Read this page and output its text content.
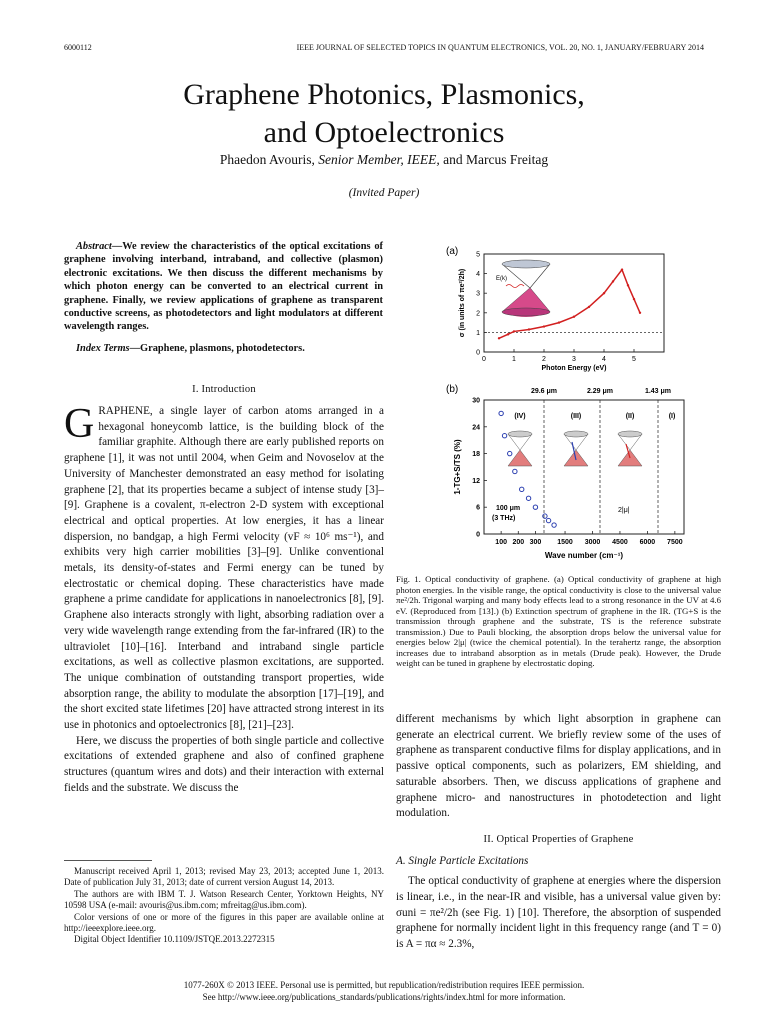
6000112	IEEE JOURNAL OF SELECTED TOPICS IN QUANTUM ELECTRONICS, VOL. 20, NO. 1, JANUARY/FEBRUARY 2014
Graphene Photonics, Plasmonics,
and Optoelectronics
Phaedon Avouris, Senior Member, IEEE, and Marcus Freitag
(Invited Paper)

Abstract—We review the characteristics of the optical excitations of graphene involving interband, intraband, and collective (plasmon) electronic excitations. We then discuss the different mechanisms by which photon energy can be converted to an electrical current in graphene. Finally, we review applications of graphene as transparent conductive screens, as photodetectors and light modulators at different wavelength ranges.

Index Terms—Graphene, plasmons, photodetectors.

I. Introduction

GRAPHENE, a single layer of carbon atoms arranged in a hexagonal honeycomb lattice, is the building block of the familiar graphite. Although there are early published reports on graphene [1], it was not until 2004, when Geim and Novoselov at the University of Manchester demonstrated an easy method for isolating graphene [2], that its properties became a subject of intense study [3]–[9]. Graphene is a covalent, π-electron 2-D system with exceptional electrical and optical properties. At low energies, it has a linear dispersion, no bandgap, a high Fermi velocity (vF ≈ 10⁶ ms⁻¹), and exhibits very high carrier mobilities [3]–[9]. Unlike conventional metals, its density-of-states and Fermi energy can be tuned by electrostatic or chemical doping. These characteristics have made graphene a prime candidate for applications in nanoelectronics [8], [9]. Graphene also interacts strongly with light, absorbing radiation over a very wide wavelength range extending from the far-infrared (IR) to the ultraviolet [10]–[16]. Interband and intraband single particle excitations, as well as collective plasmon excitations, are supported. The unique combination of outstanding transport properties, wide absorption range, the ability to modulate the absorption [17]–[19], and the short excited state lifetimes [20] have attracted strong interest in its use in photonics and optoelectronics [8], [21]–[23].

Here, we discuss the properties of both single particle and collective excitations of extended graphene and also of confined graphene structures (quantum wires and dots) and their interaction with external fields and the substrate. We discuss the

Manuscript received April 1, 2013; revised May 23, 2013; accepted June 1, 2013. Date of publication July 31, 2013; date of current version August 14, 2013.

The authors are with IBM T. J. Watson Research Center, Yorktown Heights, NY 10598 USA (e-mail: avouris@us.ibm.com; mfreitag@us.ibm.com).

Color versions of one or more of the figures in this paper are available online at http://ieeexplore.ieee.org.

Digital Object Identifier 10.1109/JSTQE.2013.2272315

(a)
0
1
2
3
4
5
0	1	2	3	4	5
E(k)
Photon Energy (eV)
σ (in units of πe²/2h)
(b)	29.6 μm	2.29 μm	1.43 μm
(IV)	(III)	(II)	(I)
2|μ|
100 μm
(3 THz)
0
6
12
18
24
30
100 200 300 1500 3000 4500 6000 7500
Wave number (cm⁻¹)
1-TG+S/TS (%)
Fig. 1. Optical conductivity of graphene. (a) Optical conductivity of graphene at high photon energies. In the visible range, the optical conductivity is close to the universal value πe²/2h. Trigonal warping and many body effects lead to a strong resonance in the UV at 4.6 eV. (Reproduced from [13].) (b) Extinction spectrum of graphene in the IR. (TG+S is the transmission through graphene and the substrate, TS is the reference substrate transmission.) Due to Pauli blocking, the absorption drops below the universal value for energies below 2|μ| (twice the chemical potential). In the terahertz range, the absorption increases due to intraband absorption as in metals (Drude peak). However, the Drude weight can be tuned in graphene by electrostatic doping.

different mechanisms by which light absorption in graphene can generate an electrical current. We briefly review some of the uses of graphene as transparent conductive films for display applications, and in passive optical components, such as polarizers, EM shielding, and saturable absorbers. Then, we discuss applications of graphene and graphene micro- and nanostructures in photodetection and light modulation.

II. Optical Properties of Graphene
A. Single Particle Excitations

The optical conductivity of graphene at energies where the dispersion is linear, i.e., in the near-IR and visible, has a universal value given by: σuni = πe²/2h (see Fig. 1) [10]. Therefore, the absorption of suspended graphene for normally incident light in this frequency range (and T = 0) is A = πα ≈ 2.3%,

1077-260X © 2013 IEEE. Personal use is permitted, but republication/redistribution requires IEEE permission.
See http://www.ieee.org/publications_standards/publications/rights/index.html for more information.
